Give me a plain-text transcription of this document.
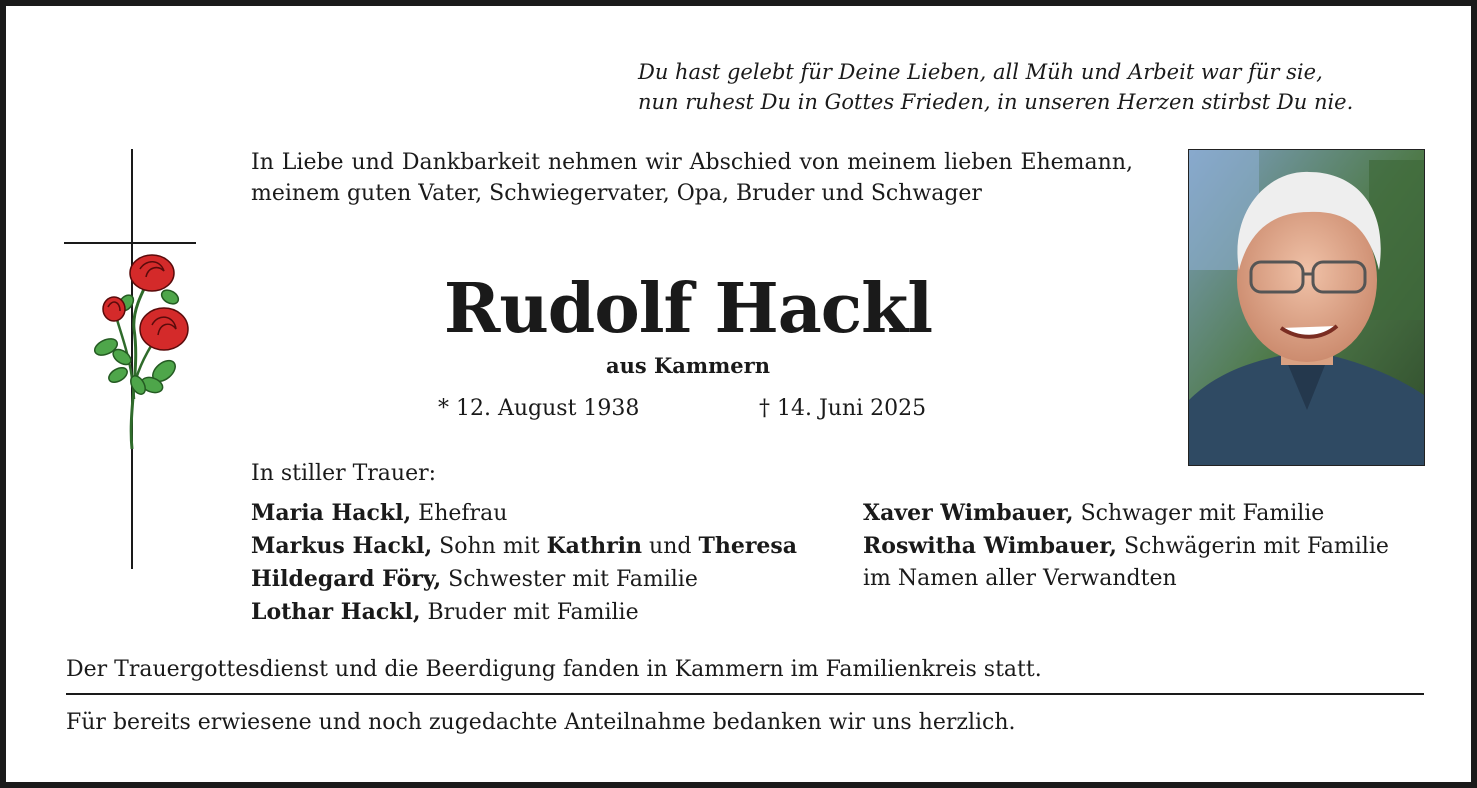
Du hast gelebt für Deine Lieben, all Müh und Arbeit war für sie,
nun ruhest Du in Gottes Frieden, in unseren Herzen stirbst Du nie.
In Liebe und Dankbarkeit nehmen wir Abschied von meinem lieben Ehemann, meinem guten Vater, Schwiegervater, Opa, Bruder und Schwager
Rudolf Hackl
aus Kammern
* 12. August 1938	† 14. Juni 2025
In stiller Trauer:
Maria Hackl, Ehefrau
Markus Hackl, Sohn mit Kathrin und Theresa
Hildegard Föry, Schwester mit Familie
Lothar Hackl, Bruder mit Familie
Xaver Wimbauer, Schwager mit Familie
Roswitha Wimbauer, Schwägerin mit Familie
im Namen aller Verwandten
Der Trauergottesdienst und die Beerdigung fanden in Kammern im Familienkreis statt.
Für bereits erwiesene und noch zugedachte Anteilnahme bedanken wir uns herzlich.
